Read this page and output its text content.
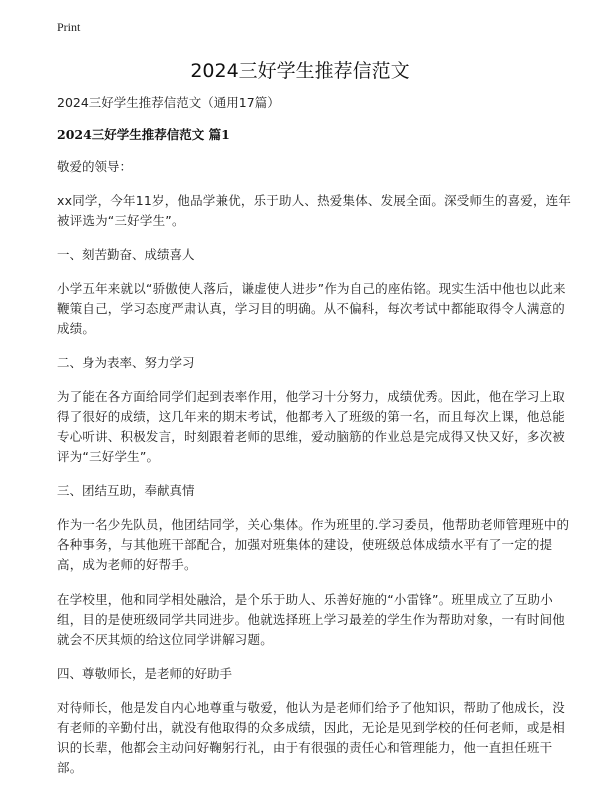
Print
2024三好学生推荐信范文

2024三好学生推荐信范文（通用17篇）

2024三好学生推荐信范文 篇1

敬爱的领导：

xx同学，今年11岁，他品学兼优，乐于助人、热爱集体、发展全面。深受师生的喜爱，连年被评选为“三好学生”。

一、刻苦勤奋、成绩喜人

小学五年来就以“骄傲使人落后，谦虚使人进步”作为自己的座佑铭。现实生活中他也以此来鞭策自己，学习态度严肃认真，学习目的明确。从不偏科，每次考试中都能取得令人满意的成绩。

二、身为表率、努力学习

为了能在各方面给同学们起到表率作用，他学习十分努力，成绩优秀。因此，他在学习上取得了很好的成绩，这几年来的期末考试，他都考入了班级的第一名，而且每次上课，他总能专心听讲、积极发言，时刻跟着老师的思维，爱动脑筋的作业总是完成得又快又好，多次被评为“三好学生”。

三、团结互助，奉献真情

作为一名少先队员，他团结同学，关心集体。作为班里的.学习委员，他帮助老师管理班中的各种事务，与其他班干部配合，加强对班集体的建设，使班级总体成绩水平有了一定的提高，成为老师的好帮手。

在学校里，他和同学相处融洽，是个乐于助人、乐善好施的“小雷锋”。班里成立了互助小组，目的是使班级同学共同进步。他就选择班上学习最差的学生作为帮助对象，一有时间他就会不厌其烦的给这位同学讲解习题。

四、尊敬师长，是老师的好助手

对待师长，他是发自内心地尊重与敬爱，他认为是老师们给予了他知识，帮助了他成长，没有老师的辛勤付出，就没有他取得的众多成绩，因此，无论是见到学校的任何老师，或是相识的长辈，他都会主动问好鞠躬行礼，由于有很强的责任心和管理能力，他一直担任班干部。
